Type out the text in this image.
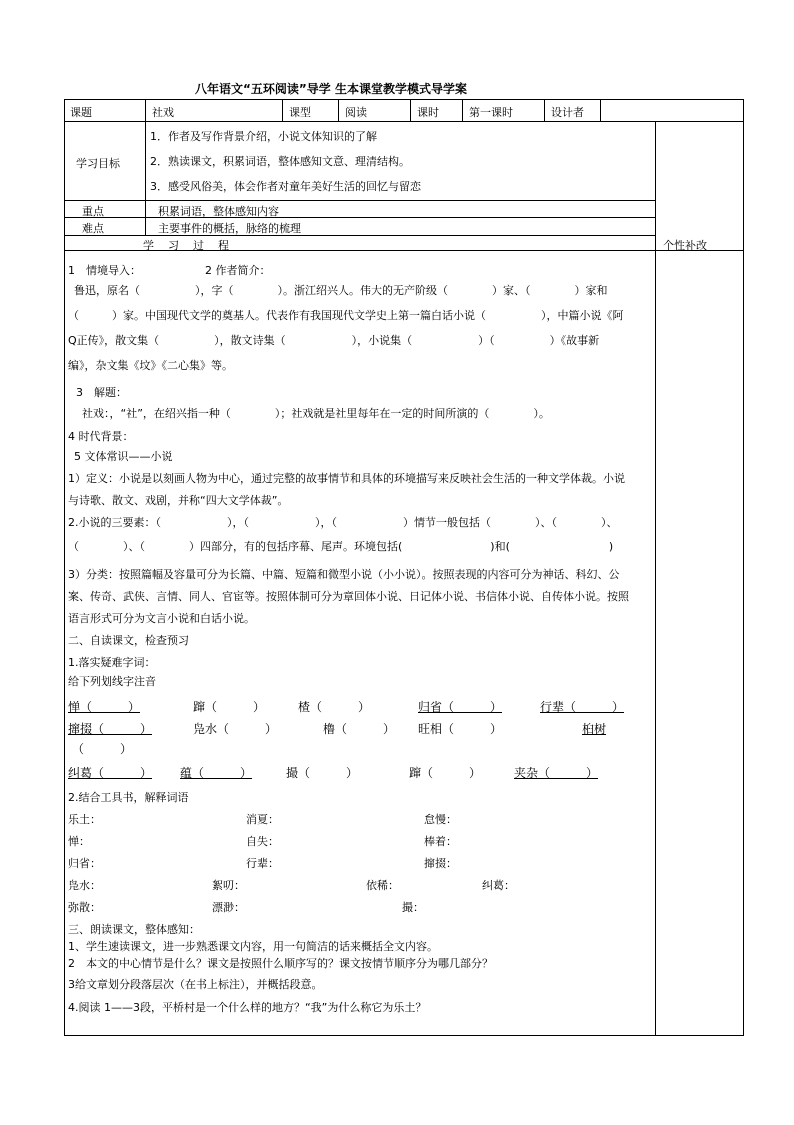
八年语文“五环阅读”导学 生本课堂教学模式导学案
课题	社戏	课型	阅读	课时	第一课时	设计者
学习目标
1．作者及写作背景介绍，小说文体知识的了解
2．熟读课文，积累词语，整体感知文意、理清结构。
3．感受风俗美，体会作者对童年美好生活的回忆与留恋
重点	积累词语，整体感知内容
难点	主要事件的概括，脉络的梳理
学习过程	个性补改
1　情境导入：	2 作者简介：
鲁迅，原名（　　　　　），字（　　　　）。浙江绍兴人。伟大的无产阶级（　　　　）家、（　　　　）家和
（　　　）家。中国现代文学的奠基人。代表作有我国现代文学史上第一篇白话小说（　　　　　），中篇小说《阿
Q正传》，散文集（　　　　　），散文诗集（　　　　　　），小说集（　　　　　　）（　　　　　）《故事新
编》，杂文集《坟》《二心集》等。
3　解题：
社戏：，“社”，在绍兴指一种（　　　　）；社戏就是社里每年在一定的时间所演的（　　　　）。
4 时代背景：
5 文体常识——小说
1）定义：小说是以刻画人物为中心，通过完整的故事情节和具体的环境描写来反映社会生活的一种文学体裁。小说
与诗歌、散文、戏剧，并称“四大文学体裁”。
2.小说的三要素：（　　　　　　），（　　　　　　），（　　　　　　）情节一般包括（　　　　）、（　　　　）、
（　　　　）、（　　　　）四部分，有的包括序幕、尾声。环境包括(　　　　　　　　)和(　　　　　　　　　)
3）分类：按照篇幅及容量可分为长篇、中篇、短篇和微型小说（小小说）。按照表现的内容可分为神话、科幻、公
案、传奇、武侠、言情、同人、官宦等。按照体制可分为章回体小说、日记体小说、书信体小说、自传体小说。按照
语言形式可分为文言小说和白话小说。
二、自读课文，检查预习
1.落实疑难字词：
给下列划线字注音
惮（　　　）	蹿（　　　）	楂（　　　）	归省（　　　）	行辈（　　　）
撺掇（　　　）	凫水（　　　）	橹（　　　） 旺相（　　　）	桕树
（　　　）
纠葛（　　　） 蕴（　　　）	撮（　　　）	蹿（　　　）	夹杂（　　　）
2.结合工具书，解释词语
乐土：	消夏：	怠慢：
惮：	自失：	棒着：
归省：	行辈：	撺掇：
凫水：	絮叨：	依稀：	纠葛：
弥散：	漂渺：	撮：
三、朗读课文，整体感知：
1、学生速读课文，进一步熟悉课文内容，用一句简洁的话来概括全文内容。
2　本文的中心情节是什么？课文是按照什么顺序写的？课文按情节顺序分为哪几部分？
3给文章划分段落层次（在书上标注），并概括段意。
4.阅读 1——3段，平桥村是一个什么样的地方？“我”为什么称它为乐土？
